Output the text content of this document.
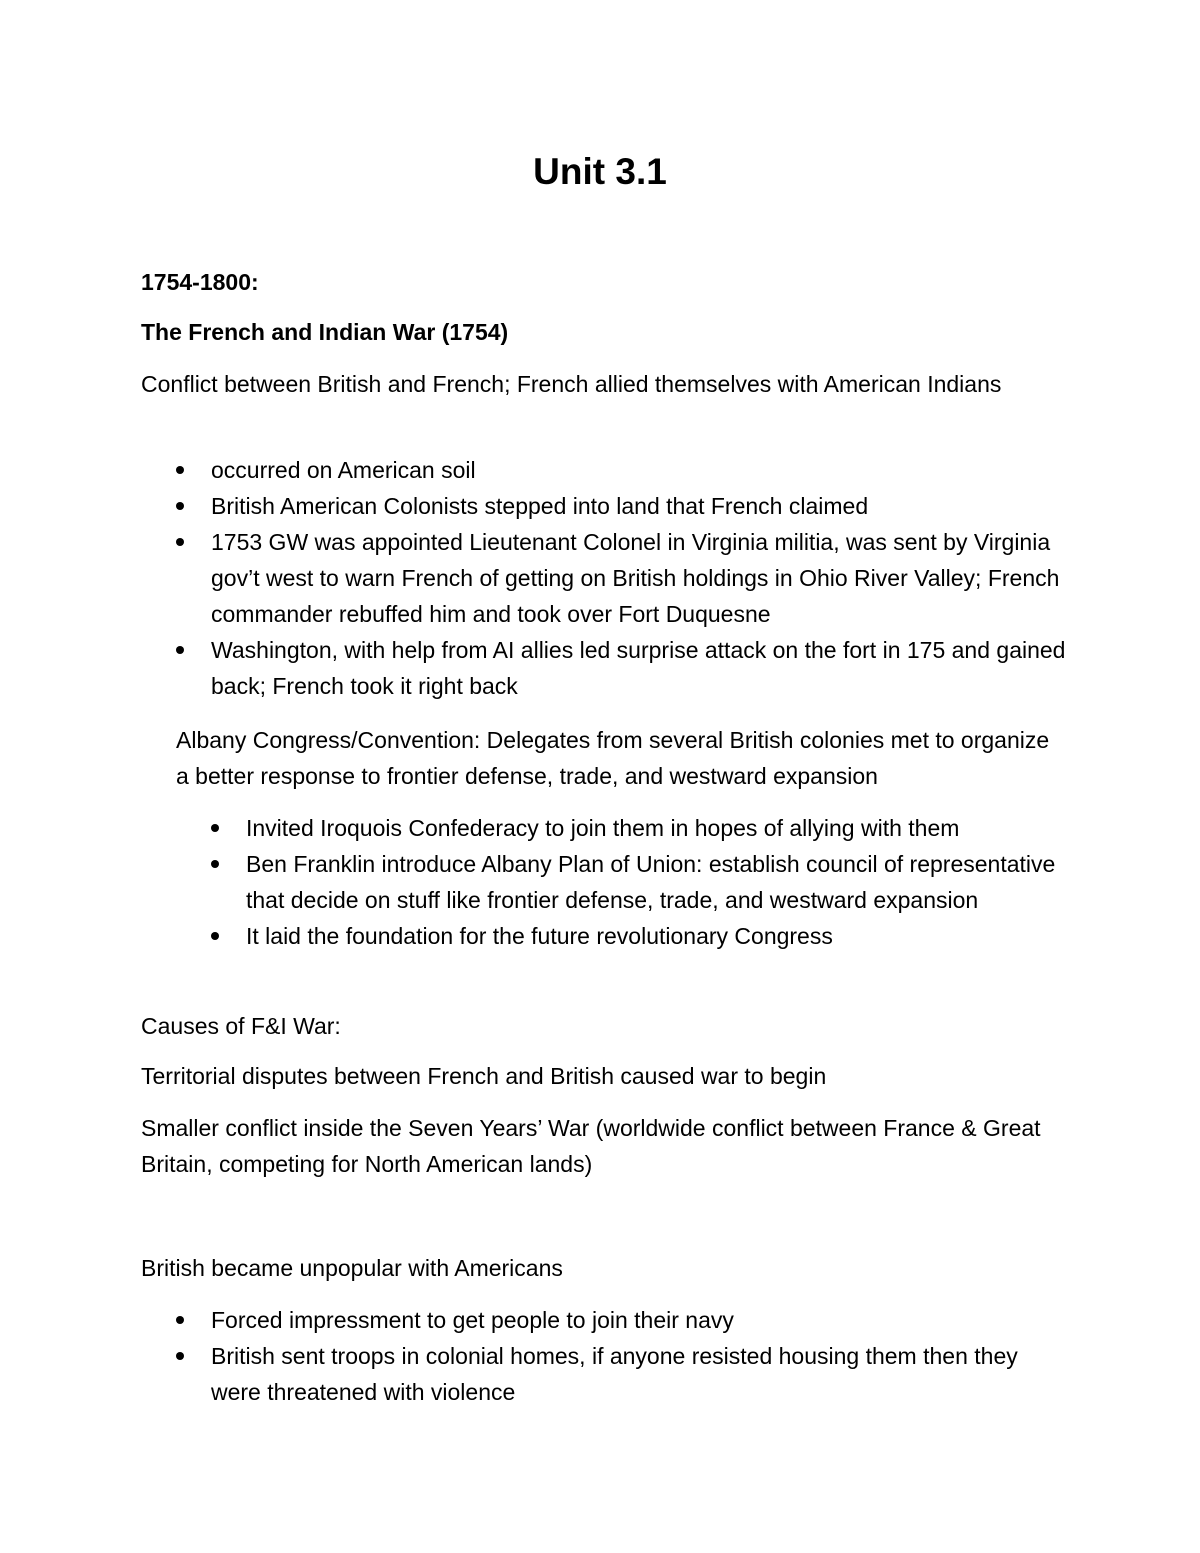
Unit 3.1

1754-1800:

The French and Indian War (1754)

Conflict between British and French; French allied themselves with American Indians

occurred on American soil
British American Colonists stepped into land that French claimed
1753 GW was appointed Lieutenant Colonel in Virginia militia, was sent by Virginia gov’t west to warn French of getting on British holdings in Ohio River Valley; French commander rebuffed him and took over Fort Duquesne
Washington, with help from AI allies led surprise attack on the fort in 175 and gained back; French took it right back

Albany Congress/Convention: Delegates from several British colonies met to organize a better response to frontier defense, trade, and westward expansion

Invited Iroquois Confederacy to join them in hopes of allying with them
Ben Franklin introduce Albany Plan of Union: establish council of representative that decide on stuff like frontier defense, trade, and westward expansion
It laid the foundation for the future revolutionary Congress

Causes of F&I War:

Territorial disputes between French and British caused war to begin

Smaller conflict inside the Seven Years’ War (worldwide conflict between France & Great Britain, competing for North American lands)

British became unpopular with Americans

Forced impressment to get people to join their navy
British sent troops in colonial homes, if anyone resisted housing them then they were threatened with violence
